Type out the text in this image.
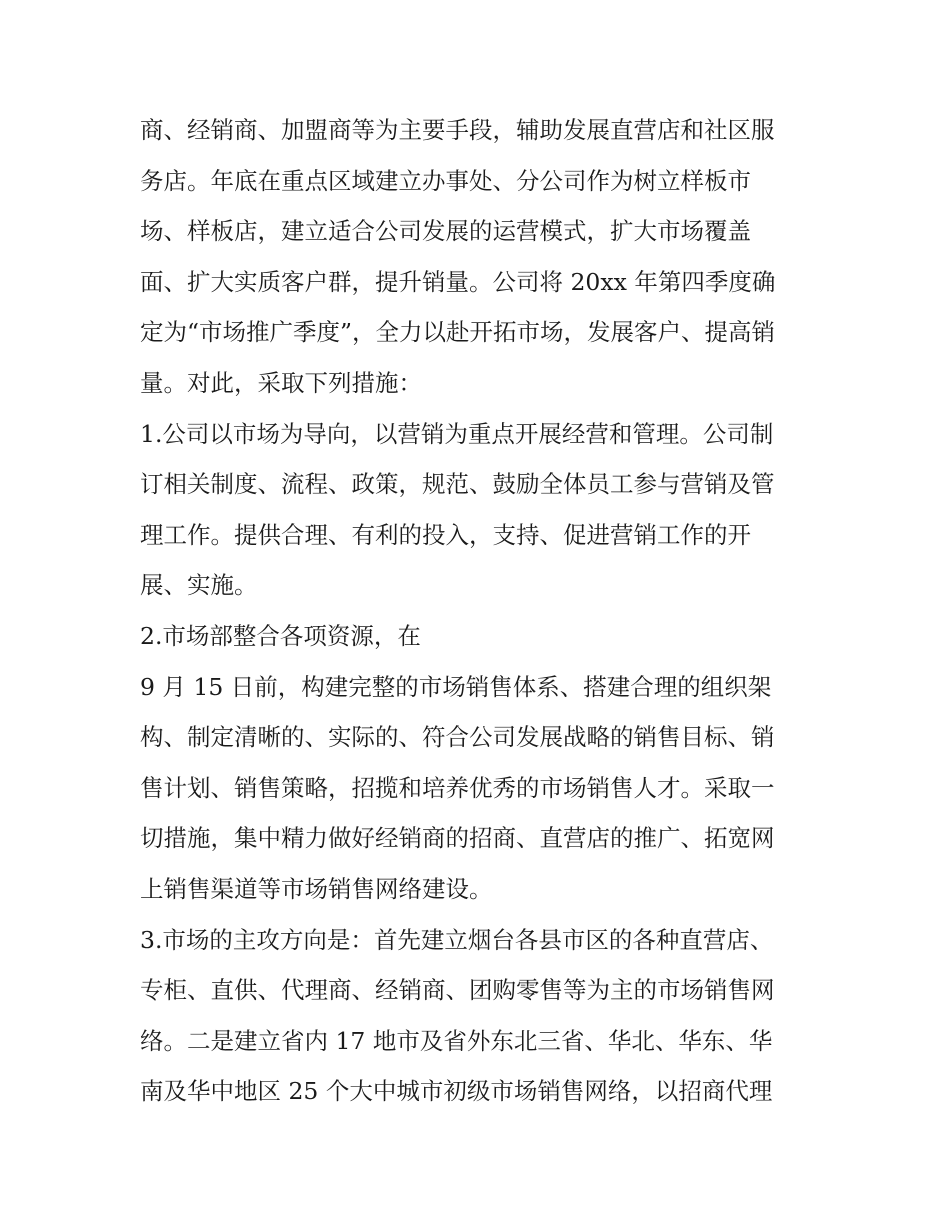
商、经销商、加盟商等为主要手段，辅助发展直营店和社区服
务店。年底在重点区域建立办事处、分公司作为树立样板市
场、样板店，建立适合公司发展的运营模式，扩大市场覆盖
面、扩大实质客户群，提升销量。公司将 20xx 年第四季度确
定为“市场推广季度”，全力以赴开拓市场，发展客户、提高销
量。对此，采取下列措施：
1.公司以市场为导向，以营销为重点开展经营和管理。公司制
订相关制度、流程、政策，规范、鼓励全体员工参与营销及管
理工作。提供合理、有利的投入，支持、促进营销工作的开
展、实施。
2.市场部整合各项资源，在
9 月 15 日前，构建完整的市场销售体系、搭建合理的组织架
构、制定清晰的、实际的、符合公司发展战略的销售目标、销
售计划、销售策略，招揽和培养优秀的市场销售人才。采取一
切措施，集中精力做好经销商的招商、直营店的推广、拓宽网
上销售渠道等市场销售网络建设。
3.市场的主攻方向是：首先建立烟台各县市区的各种直营店、
专柜、直供、代理商、经销商、团购零售等为主的市场销售网
络。二是建立省内 17 地市及省外东北三省、华北、华东、华
南及华中地区 25 个大中城市初级市场销售网络，以招商代理
